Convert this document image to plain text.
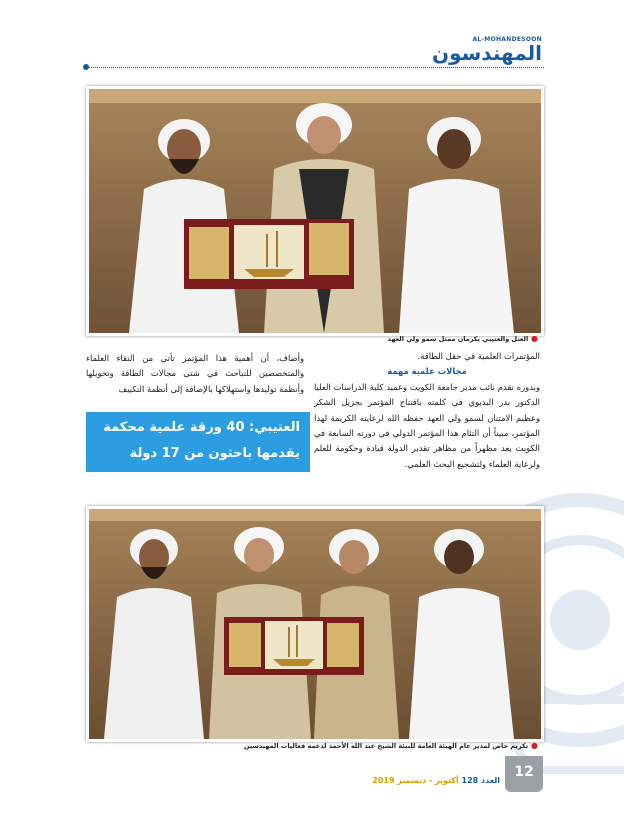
AL-MOHANDESOON
المهندسون
● العتل والعتيبي يكرمان ممثل سمو ولي العهد

المؤتمرات العلمية في حقل الطاقة.

مجالات علمية مهمة

وبدوره تقدم نائب مدير جامعة الكويت وعميد كلية الدراسات العليا الدكتور بدر البديوي في كلمته بافتتاح المؤتمر بجزيل الشكر وعظيم الامتنان لسمو ولي العهد حفظه الله لرعايته الكريمة لهذا المؤتمر، مبيناً أن التئام هذا المؤتمر الدولي في دورته السابعة في الكويت يعد مظهراً من مظاهر تقدير الدولة قيادة وحكومة للعلم ولرعاية العلماء ولتشجيع البحث العلمي.

وأضاف، أن أهمية هذا المؤتمر تأتي من التقاء العلماء والمتخصصين للتباحث في شتى مجالات الطاقة وتحويلها وأنظمة توليدها واستهلاكها بالإضافة إلى أنظمة التكييف

العتيبي: 40 ورقة علمية محكمة
يقدمها باحثون من 17 دولة
● تكريم خاص لمدير عام الهيئة العامة للبيئة الشيخ عبد الله الأحمد لدعمه فعاليات المهندسين
12
العدد 128 أكتوبر - ديسمبر 2019
